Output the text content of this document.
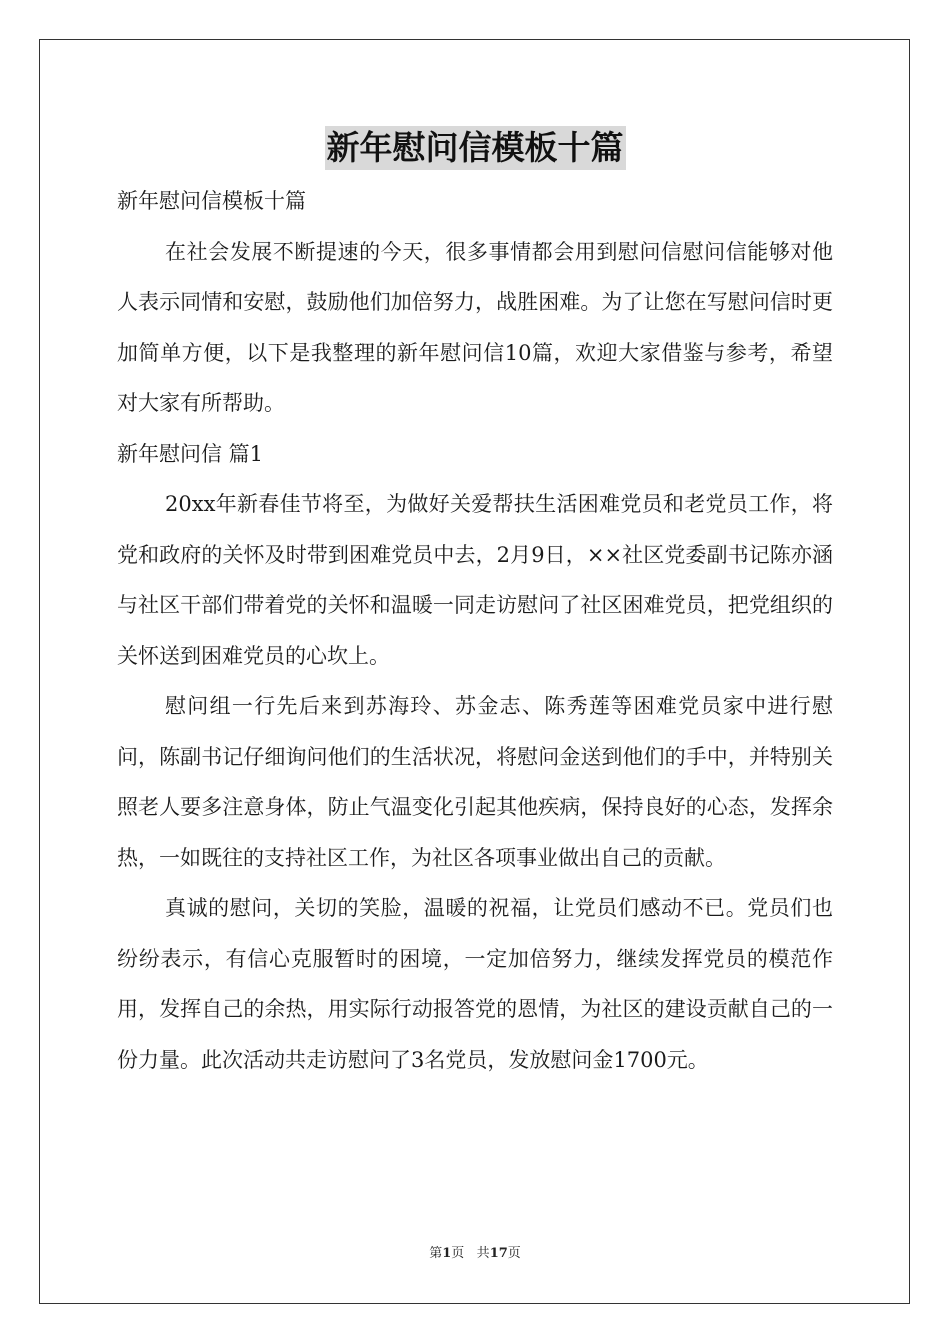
新年慰问信模板十篇

新年慰问信模板十篇

在社会发展不断提速的今天，很多事情都会用到慰问信慰问信能够对他人表示同情和安慰，鼓励他们加倍努力，战胜困难。为了让您在写慰问信时更加简单方便，以下是我整理的新年慰问信10篇，欢迎大家借鉴与参考，希望对大家有所帮助。

新年慰问信 篇1

20xx年新春佳节将至，为做好关爱帮扶生活困难党员和老党员工作，将党和政府的关怀及时带到困难党员中去，2月9日，××社区党委副书记陈亦涵与社区干部们带着党的关怀和温暖一同走访慰问了社区困难党员，把党组织的关怀送到困难党员的心坎上。

慰问组一行先后来到苏海玲、苏金志、陈秀莲等困难党员家中进行慰问，陈副书记仔细询问他们的生活状况，将慰问金送到他们的手中，并特别关照老人要多注意身体，防止气温变化引起其他疾病，保持良好的心态，发挥余热，一如既往的支持社区工作，为社区各项事业做出自己的贡献。

真诚的慰问，关切的笑脸，温暖的祝福，让党员们感动不已。党员们也纷纷表示，有信心克服暂时的困境，一定加倍努力，继续发挥党员的模范作用，发挥自己的余热，用实际行动报答党的恩情，为社区的建设贡献自己的一份力量。此次活动共走访慰问了3名党员，发放慰问金1700元。

第1页 共17页
